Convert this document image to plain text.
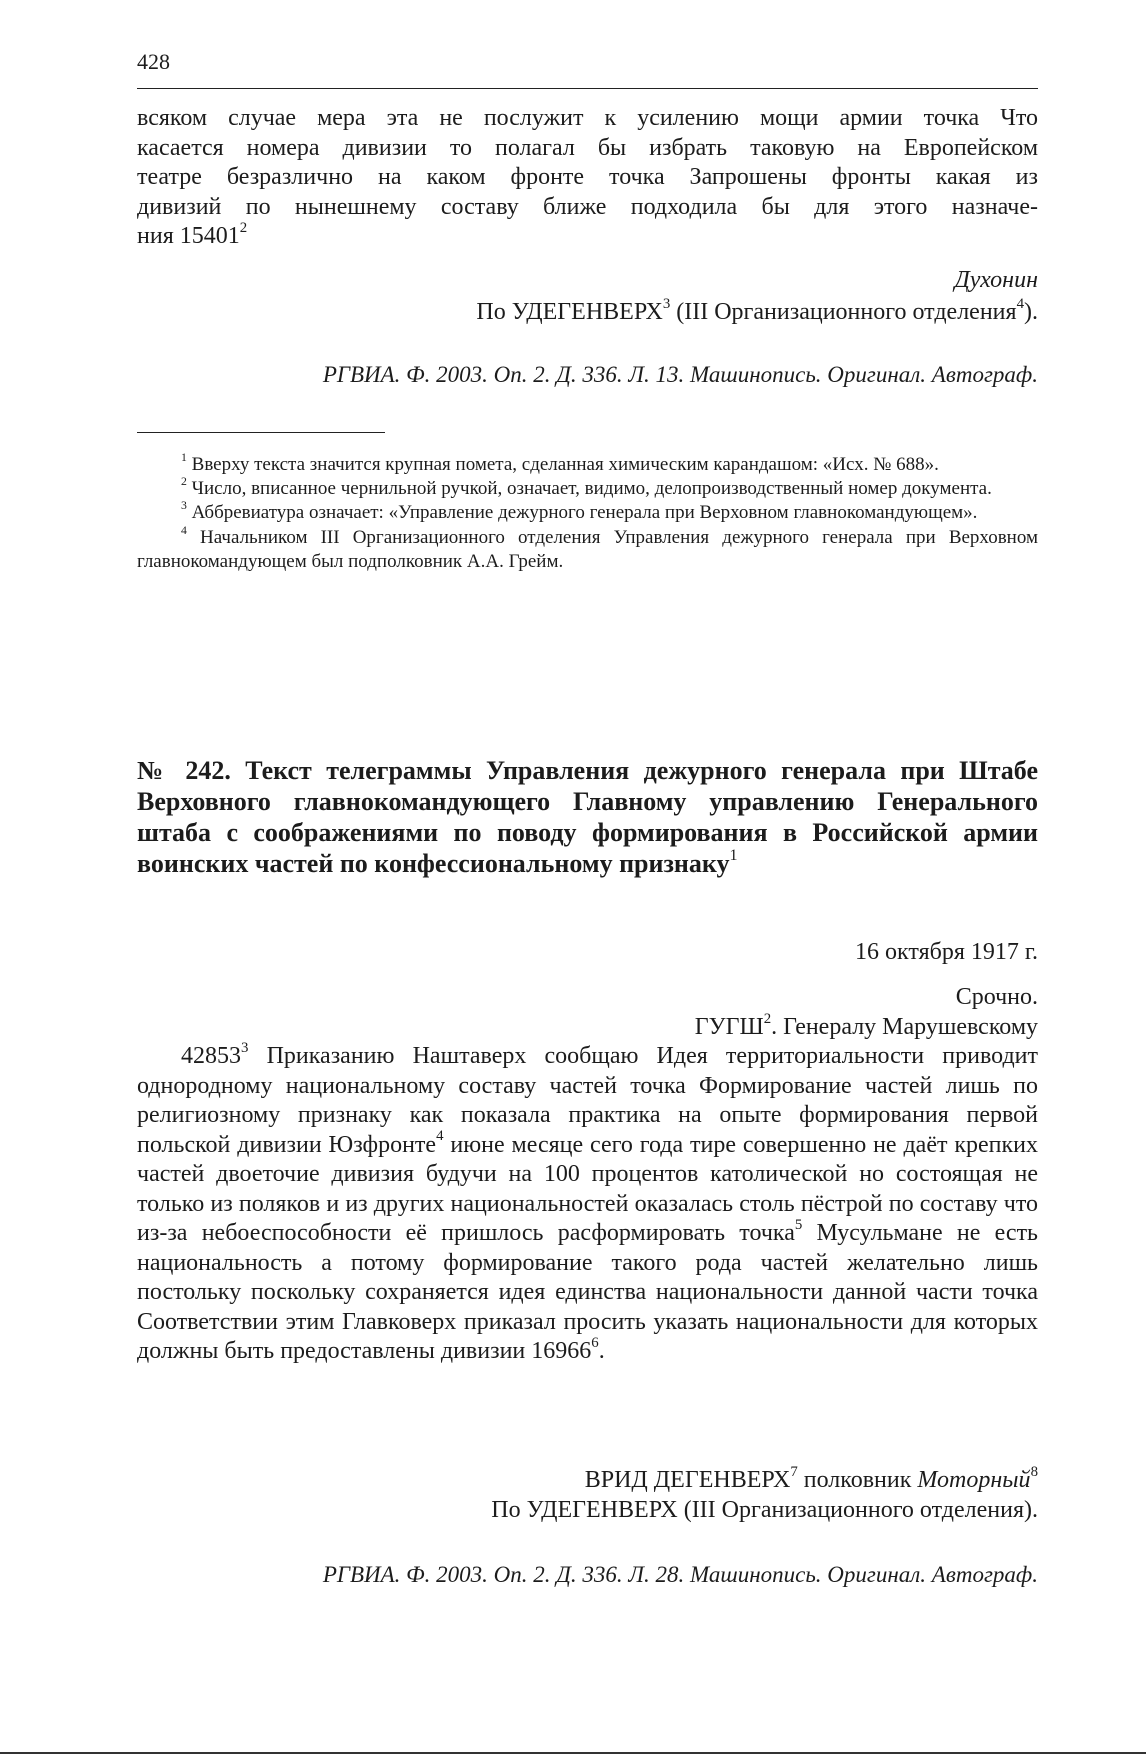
428

всяком случае мера эта не послужит к усилению мощи армии точка Что

касается номера дивизии то полагал бы избрать таковую на Европейском

театре безразлично на каком фронте точка Запрошены фронты какая из

дивизий по нынешнему составу ближе подходила бы для этого назначе-

ния 15401$^2$

Духонин
По УДЕГЕНВЕРХ$^3$ (III Организационного отделения$^4$).
РГВИА. Ф. 2003. Оп. 2. Д. 336. Л. 13. Машинопись. Оригинал. Автограф.

$^1$ Вверху текста значится крупная помета, сделанная химическим карандашом: «Исх. № 688».

$^2$ Число, вписанное чернильной ручкой, означает, видимо, делопроизводственный номер документа.

$^3$ Аббревиатура означает: «Управление дежурного генерала при Верховном главнокомандующем».

$^4$ Начальником III Организационного отделения Управления дежурного генерала при Верховном главнокомандующем был подполковник А.А. Грейм.

№ 242. Текст телеграммы Управления дежурного генерала при Штабе Верховного главнокомандующего Главному управлению Генерального штаба с соображениями по поводу формирования в Российской армии воинских частей по конфессиональному признаку$^1$
16 октября 1917 г.
Срочно.
ГУГШ$^2$. Генералу Марушевскому

42853$^3$ Приказанию Наштаверх сообщаю Идея территориальности приводит однородному национальному составу частей точка Формирование частей лишь по религиозному признаку как показала практика на опыте формирования первой польской дивизии Юзфронте$^4$ июне месяце сего года тире совершенно не даёт крепких частей двоеточие дивизия будучи на 100 процентов католической но состоящая не только из поляков и из других национальностей оказалась столь пёстрой по составу что из-за небоеспособности её пришлось расформировать точка$^5$ Мусульмане не есть национальность а потому формирование такого рода частей желательно лишь постольку поскольку сохраняется идея единства национальности данной части точка Соответствии этим Главковерх приказал просить указать национальности для которых должны быть предоставлены дивизии 16966$^6$.

ВРИД ДЕГЕНВЕРХ$^7$ полковник Моторный$^8$
По УДЕГЕНВЕРХ (III Организационного отделения).
РГВИА. Ф. 2003. Оп. 2. Д. 336. Л. 28. Машинопись. Оригинал. Автограф.
